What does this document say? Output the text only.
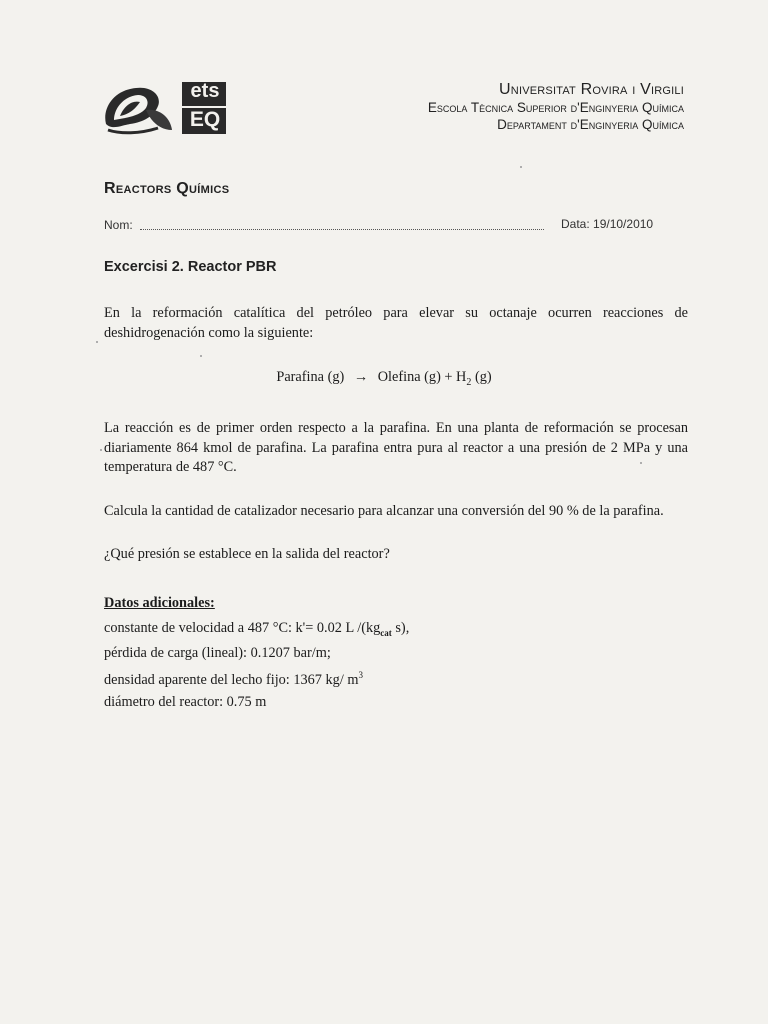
ets
EQ
Universitat Rovira i Virgili
Escola Tècnica Superior d'Enginyeria Química
Departament d'Enginyeria Química
Reactors Químics
Nom:	Data: 19/10/2010
Excercisi 2. Reactor PBR

En la reformación catalítica del petróleo para elevar su octanaje ocurren reacciones de deshidrogenación como la siguiente:

Parafina (g) → Olefina $(g) + H_2$ (g)

La reacción es de primer orden respecto a la parafina. En una planta de reformación se procesan diariamente 864 kmol de parafina. La parafina entra pura al reactor a una presión de 2 MPa y una temperatura de 487 °C.

Calcula la cantidad de catalizador necesario para alcanzar una conversión del 90 % de la parafina.

¿Qué presión se establece en la salida del reactor?

Datos adicionales:
constante de velocidad a 487 °C: k'= 0.02 L $/(kg_{cat}$ s),
pérdida de carga (lineal): 0.1207 bar/m;
densidad aparente del lecho fijo: 1367 kg/ $m^3$
diámetro del reactor: 0.75 m
